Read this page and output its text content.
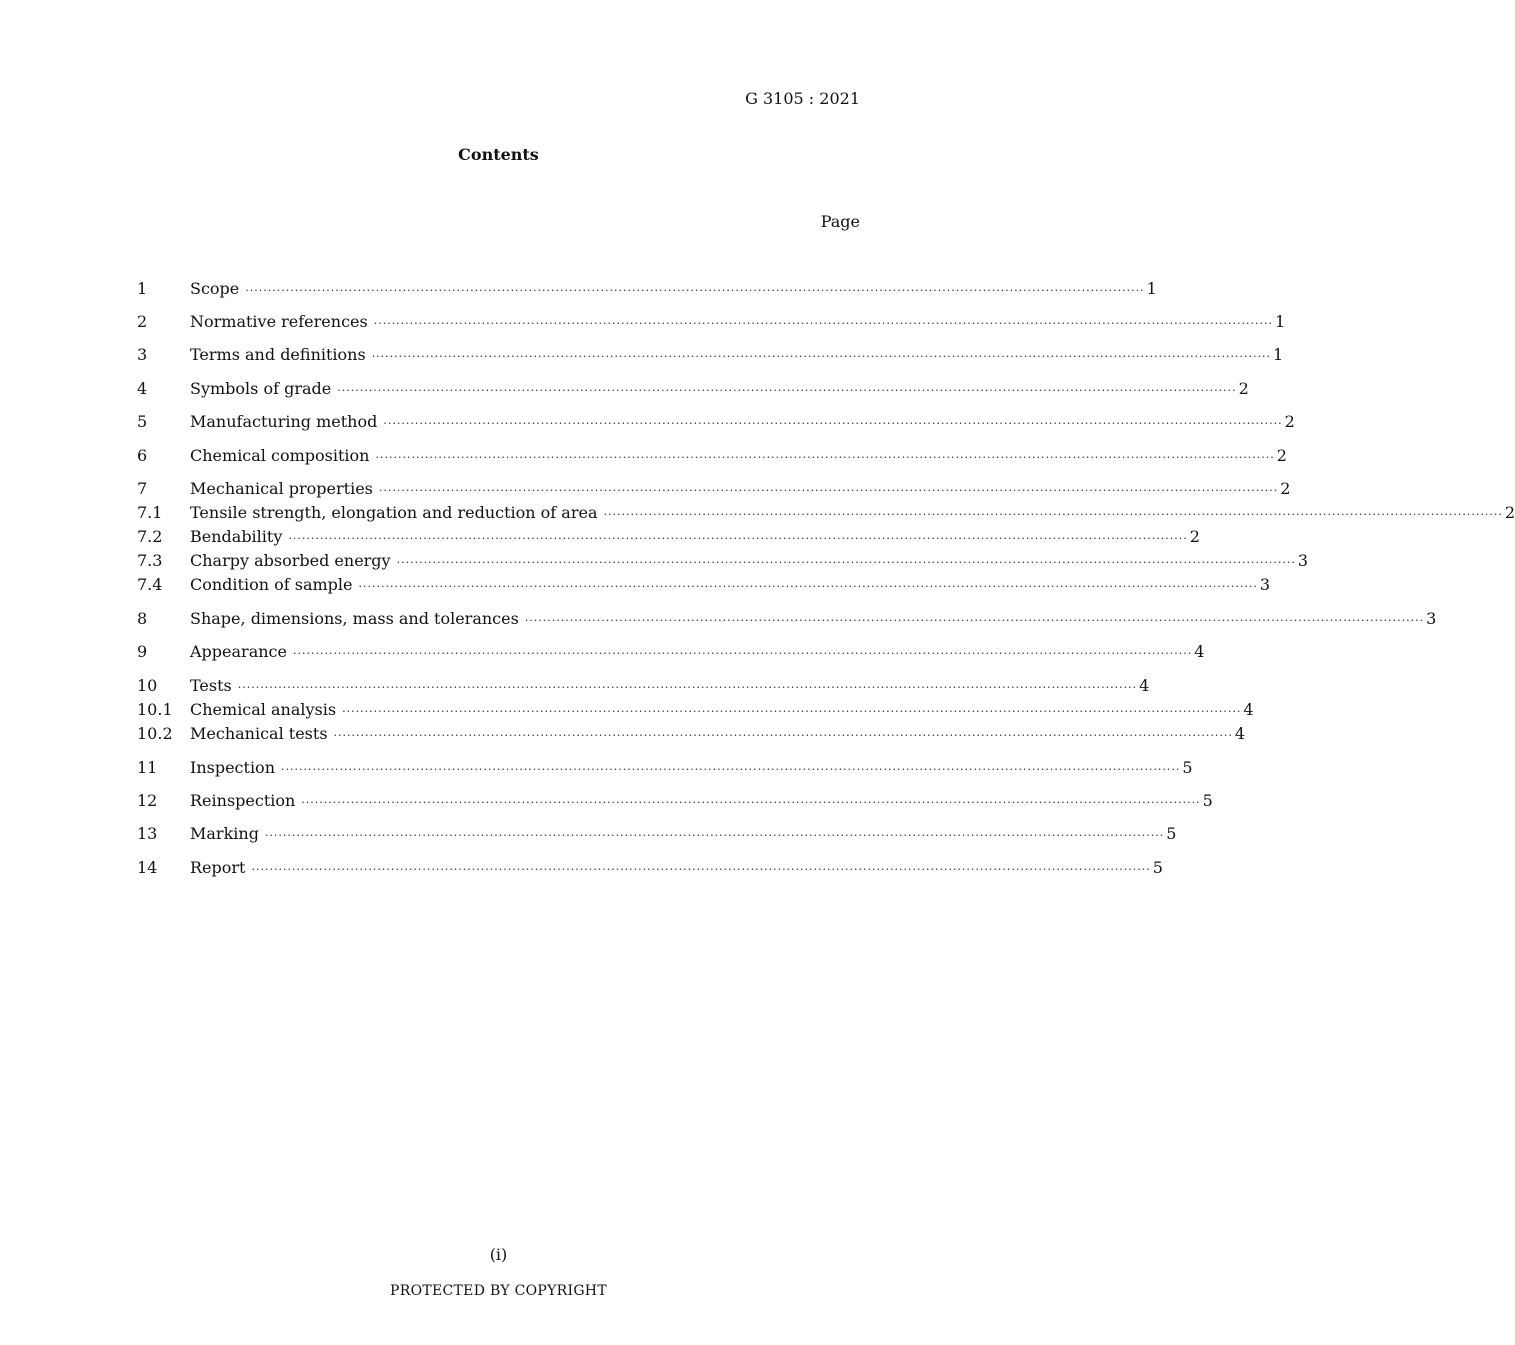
G 3105 : 2021
Contents
Page
1	Scope ········································································································································································································ 1
2	Normative references ········································································································································································································ 1
3	Terms and definitions ········································································································································································································ 1
4	Symbols of grade ········································································································································································································ 2
5	Manufacturing method ········································································································································································································ 2
6	Chemical composition ········································································································································································································ 2
7	Mechanical properties ········································································································································································································ 2
7.1	Tensile strength, elongation and reduction of area ········································································································································································································ 2
7.2	Bendability ········································································································································································································ 2
7.3	Charpy absorbed energy ········································································································································································································ 3
7.4	Condition of sample ········································································································································································································ 3
8	Shape, dimensions, mass and tolerances ········································································································································································································ 3
9	Appearance ········································································································································································································ 4
10	Tests ········································································································································································································ 4
10.1	Chemical analysis ········································································································································································································ 4
10.2	Mechanical tests ········································································································································································································ 4
11	Inspection ········································································································································································································ 5
12	Reinspection ········································································································································································································ 5
13	Marking ········································································································································································································ 5
14	Report ········································································································································································································ 5
(i)
PROTECTED BY COPYRIGHT
